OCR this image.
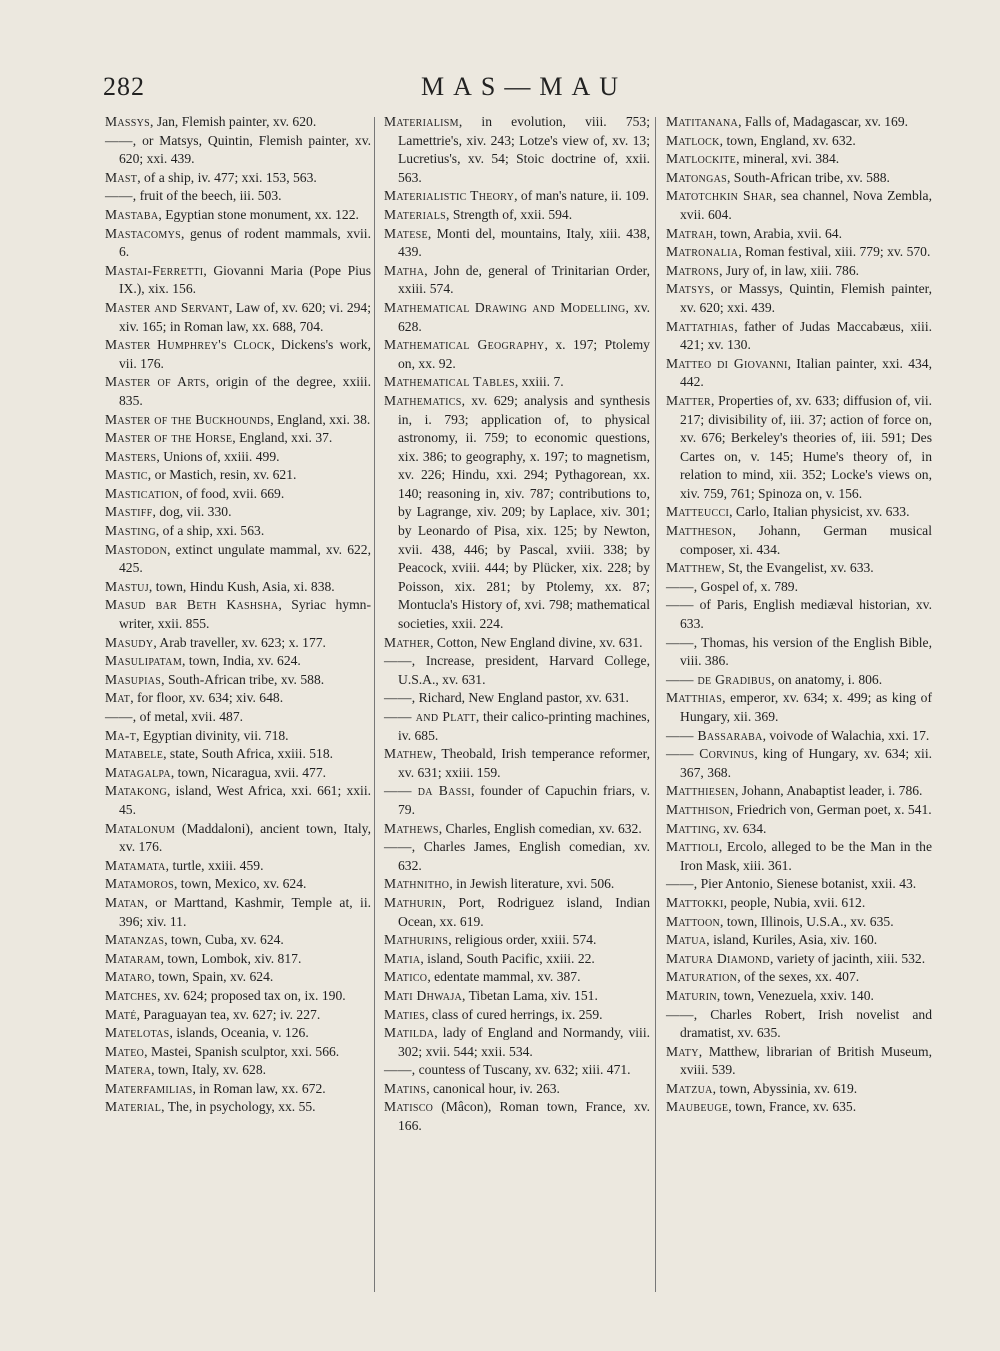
282	MAS—MAU

Massys, Jan, Flemish painter, xv. 620.

——, or Matsys, Quintin, Flemish painter, xv. 620; xxi. 439.

Mast, of a ship, iv. 477; xxi. 153, 563.

——, fruit of the beech, iii. 503.

Mastaba, Egyptian stone monument, xx. 122.

Mastacomys, genus of rodent mammals, xvii. 6.

Mastai-Ferretti, Giovanni Maria (Pope Pius IX.), xix. 156.

Master and Servant, Law of, xv. 620; vi. 294; xiv. 165; in Roman law, xx. 688, 704.

Master Humphrey's Clock, Dickens's work, vii. 176.

Master of Arts, origin of the degree, xxiii. 835.

Master of the Buckhounds, England, xxi. 38.

Master of the Horse, England, xxi. 37.

Masters, Unions of, xxiii. 499.

Mastic, or Mastich, resin, xv. 621.

Mastication, of food, xvii. 669.

Mastiff, dog, vii. 330.

Masting, of a ship, xxi. 563.

Mastodon, extinct ungulate mammal, xv. 622, 425.

Mastuj, town, Hindu Kush, Asia, xi. 838.

Masud bar Beth Kashsha, Syriac hymn-writer, xxii. 855.

Masudy, Arab traveller, xv. 623; x. 177.

Masulipatam, town, India, xv. 624.

Masupias, South-African tribe, xv. 588.

Mat, for floor, xv. 634; xiv. 648.

——, of metal, xvii. 487.

Ma-t, Egyptian divinity, vii. 718.

Matabele, state, South Africa, xxiii. 518.

Matagalpa, town, Nicaragua, xvii. 477.

Matakong, island, West Africa, xxi. 661; xxii. 45.

Matalonum (Maddaloni), ancient town, Italy, xv. 176.

Matamata, turtle, xxiii. 459.

Matamoros, town, Mexico, xv. 624.

Matan, or Marttand, Kashmir, Temple at, ii. 396; xiv. 11.

Matanzas, town, Cuba, xv. 624.

Mataram, town, Lombok, xiv. 817.

Mataro, town, Spain, xv. 624.

Matches, xv. 624; proposed tax on, ix. 190.

Maté, Paraguayan tea, xv. 627; iv. 227.

Matelotas, islands, Oceania, v. 126.

Mateo, Mastei, Spanish sculptor, xxi. 566.

Matera, town, Italy, xv. 628.

Materfamilias, in Roman law, xx. 672.

Material, The, in psychology, xx. 55.

Materialism, in evolution, viii. 753; Lamettrie's, xiv. 243; Lotze's view of, xv. 13; Lucretius's, xv. 54; Stoic doctrine of, xxii. 563.

Materialistic Theory, of man's nature, ii. 109.

Materials, Strength of, xxii. 594.

Matese, Monti del, mountains, Italy, xiii. 438, 439.

Matha, John de, general of Trinitarian Order, xxiii. 574.

Mathematical Drawing and Modelling, xv. 628.

Mathematical Geography, x. 197; Ptolemy on, xx. 92.

Mathematical Tables, xxiii. 7.

Mathematics, xv. 629; analysis and synthesis in, i. 793; application of, to physical astronomy, ii. 759; to economic questions, xix. 386; to geography, x. 197; to magnetism, xv. 226; Hindu, xxi. 294; Pythagorean, xx. 140; reasoning in, xiv. 787; contributions to, by Lagrange, xiv. 209; by Laplace, xiv. 301; by Leonardo of Pisa, xix. 125; by Newton, xvii. 438, 446; by Pascal, xviii. 338; by Peacock, xviii. 444; by Plücker, xix. 228; by Poisson, xix. 281; by Ptolemy, xx. 87; Montucla's History of, xvi. 798; mathematical societies, xxii. 224.

Mather, Cotton, New England divine, xv. 631.

——, Increase, president, Harvard College, U.S.A., xv. 631.

——, Richard, New England pastor, xv. 631.

—— and Platt, their calico-printing machines, iv. 685.

Mathew, Theobald, Irish temperance reformer, xv. 631; xxiii. 159.

—— da Bassi, founder of Capuchin friars, v. 79.

Mathews, Charles, English comedian, xv. 632.

——, Charles James, English comedian, xv. 632.

Mathnitho, in Jewish literature, xvi. 506.

Mathurin, Port, Rodriguez island, Indian Ocean, xx. 619.

Mathurins, religious order, xxiii. 574.

Matia, island, South Pacific, xxiii. 22.

Matico, edentate mammal, xv. 387.

Mati Dhwaja, Tibetan Lama, xiv. 151.

Maties, class of cured herrings, ix. 259.

Matilda, lady of England and Normandy, viii. 302; xvii. 544; xxii. 534.

——, countess of Tuscany, xv. 632; xiii. 471.

Matins, canonical hour, iv. 263.

Matisco (Mâcon), Roman town, France, xv. 166.

Matitanana, Falls of, Madagascar, xv. 169.

Matlock, town, England, xv. 632.

Matlockite, mineral, xvi. 384.

Matongas, South-African tribe, xv. 588.

Matotchkin Shar, sea channel, Nova Zembla, xvii. 604.

Matrah, town, Arabia, xvii. 64.

Matronalia, Roman festival, xiii. 779; xv. 570.

Matrons, Jury of, in law, xiii. 786.

Matsys, or Massys, Quintin, Flemish painter, xv. 620; xxi. 439.

Mattathias, father of Judas Maccabæus, xiii. 421; xv. 130.

Matteo di Giovanni, Italian painter, xxi. 434, 442.

Matter, Properties of, xv. 633; diffusion of, vii. 217; divisibility of, iii. 37; action of force on, xv. 676; Berkeley's theories of, iii. 591; Des Cartes on, v. 145; Hume's theory of, in relation to mind, xii. 352; Locke's views on, xiv. 759, 761; Spinoza on, v. 156.

Matteucci, Carlo, Italian physicist, xv. 633.

Mattheson, Johann, German musical composer, xi. 434.

Matthew, St, the Evangelist, xv. 633.

——, Gospel of, x. 789.

—— of Paris, English mediæval historian, xv. 633.

——, Thomas, his version of the English Bible, viii. 386.

—— de Gradibus, on anatomy, i. 806.

Matthias, emperor, xv. 634; x. 499; as king of Hungary, xii. 369.

—— Bassaraba, voivode of Walachia, xxi. 17.

—— Corvinus, king of Hungary, xv. 634; xii. 367, 368.

Matthiesen, Johann, Anabaptist leader, i. 786.

Matthison, Friedrich von, German poet, x. 541.

Matting, xv. 634.

Mattioli, Ercolo, alleged to be the Man in the Iron Mask, xiii. 361.

——, Pier Antonio, Sienese botanist, xxii. 43.

Mattokki, people, Nubia, xvii. 612.

Mattoon, town, Illinois, U.S.A., xv. 635.

Matua, island, Kuriles, Asia, xiv. 160.

Matura Diamond, variety of jacinth, xiii. 532.

Maturation, of the sexes, xx. 407.

Maturin, town, Venezuela, xxiv. 140.

——, Charles Robert, Irish novelist and dramatist, xv. 635.

Maty, Matthew, librarian of British Museum, xviii. 539.

Matzua, town, Abyssinia, xv. 619.

Maubeuge, town, France, xv. 635.
